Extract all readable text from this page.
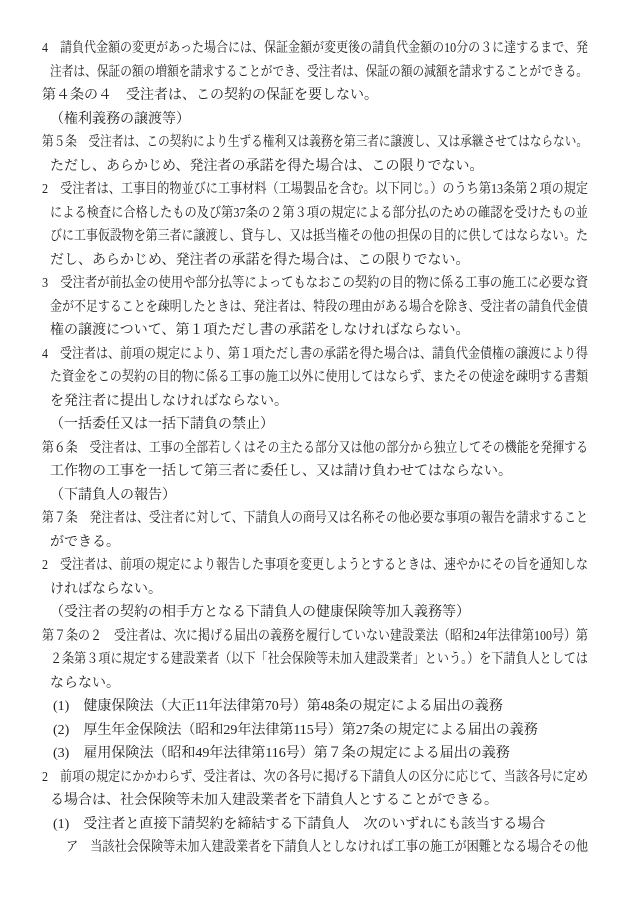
4　請負代金額の変更があった場合には、保証金額が変更後の請負代金額の10分の３に達するまで、発
注者は、保証の額の増額を請求することができ、受注者は、保証の額の減額を請求することができる。
第４条の４　受注者は、この契約の保証を要しない。
（権利義務の譲渡等）
第５条　受注者は、この契約により生ずる権利又は義務を第三者に譲渡し、又は承継させてはならない。
ただし、あらかじめ、発注者の承諾を得た場合は、この限りでない。
2　受注者は、工事目的物並びに工事材料（工場製品を含む。以下同じ。）のうち第13条第２項の規定
による検査に合格したもの及び第37条の２第３項の規定による部分払のための確認を受けたもの並
びに工事仮設物を第三者に譲渡し、貸与し、又は抵当権その他の担保の目的に供してはならない。た
だし、あらかじめ、発注者の承諾を得た場合は、この限りでない。
3　受注者が前払金の使用や部分払等によってもなおこの契約の目的物に係る工事の施工に必要な資
金が不足することを疎明したときは、発注者は、特段の理由がある場合を除き、受注者の請負代金債
権の譲渡について、第１項ただし書の承諾をしなければならない。
4　受注者は、前項の規定により、第１項ただし書の承諾を得た場合は、請負代金債権の譲渡により得
た資金をこの契約の目的物に係る工事の施工以外に使用してはならず、またその使途を疎明する書類
を発注者に提出しなければならない。
（一括委任又は一括下請負の禁止）
第６条　受注者は、工事の全部若しくはその主たる部分又は他の部分から独立してその機能を発揮する
工作物の工事を一括して第三者に委任し、又は請け負わせてはならない。
（下請負人の報告）
第７条　発注者は、受注者に対して、下請負人の商号又は名称その他必要な事項の報告を請求すること
ができる。
2　受注者は、前項の規定により報告した事項を変更しようとするときは、速やかにその旨を通知しな
ければならない。
（受注者の契約の相手方となる下請負人の健康保険等加入義務等）
第７条の２　受注者は、次に掲げる届出の義務を履行していない建設業法（昭和24年法律第100号）第
２条第３項に規定する建設業者（以下「社会保険等未加入建設業者」という。）を下請負人としては
ならない。
(1)　健康保険法（大正11年法律第70号）第48条の規定による届出の義務
(2)　厚生年金保険法（昭和29年法律第115号）第27条の規定による届出の義務
(3)　雇用保険法（昭和49年法律第116号）第７条の規定による届出の義務
2　前項の規定にかかわらず、受注者は、次の各号に掲げる下請負人の区分に応じて、当該各号に定め
る場合は、社会保険等未加入建設業者を下請負人とすることができる。
(1)　受注者と直接下請契約を締結する下請負人　次のいずれにも該当する場合
ア　当該社会保険等未加入建設業者を下請負人としなければ工事の施工が困難となる場合その他
